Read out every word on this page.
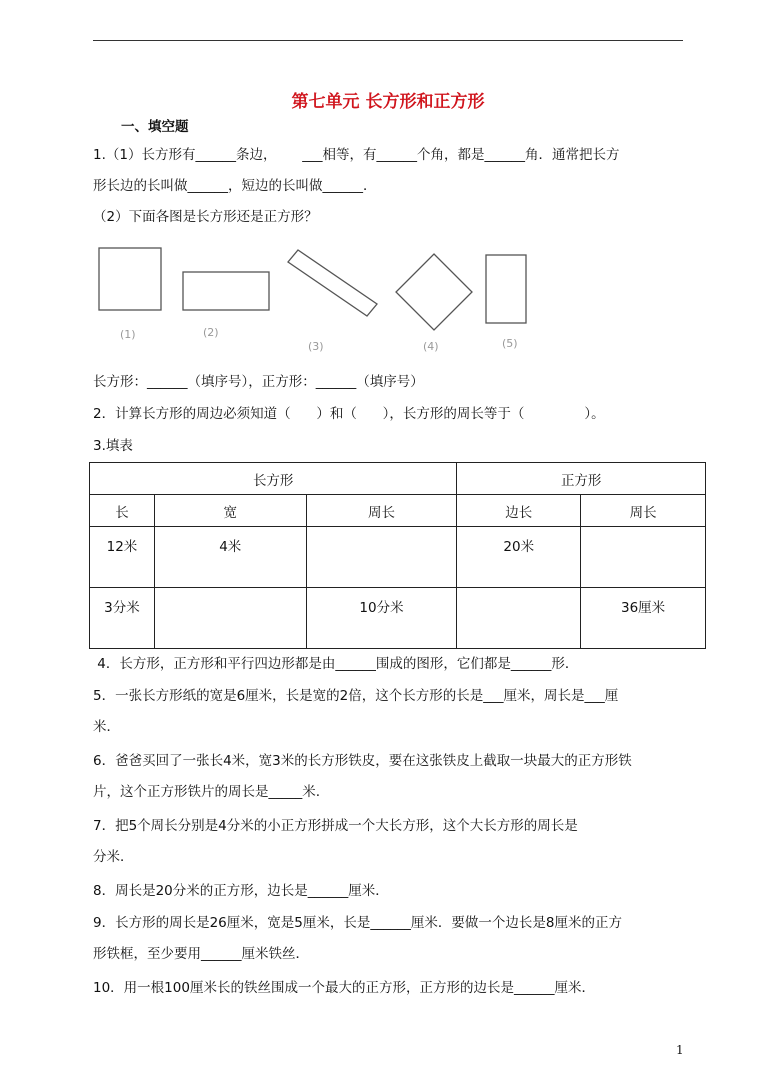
第七单元 长方形和正方形
一、填空题
1.（1）长方形有______条边，      ___相等，有______个角，都是______角．通常把长方
形长边的长叫做______，短边的长叫做______．
（2）下面各图是长方形还是正方形？
(1)	(2)
(3)	(4)	(5)
长方形：______（填序号），正方形：______（填序号）
2．计算长方形的周边必须知道（      ）和（      ），长方形的周长等于（              ）。
3.填表
长方形			正方形	
长	宽	周长	边长	周长
12米	4米		20米	
3分米		10分米		36厘米
4．长方形，正方形和平行四边形都是由______围成的图形，它们都是______形．
5．一张长方形纸的宽是6厘米，长是宽的2倍，这个长方形的长是___厘米，周长是___厘
米．
6．爸爸买回了一张长4米，宽3米的长方形铁皮，要在这张铁皮上截取一块最大的正方形铁
片，这个正方形铁片的周长是_____米.
7．把5个周长分别是4分米的小正方形拼成一个大长方形，这个大长方形的周长是
分米．
8．周长是20分米的正方形，边长是______厘米．
9．长方形的周长是26厘米，宽是5厘米，长是______厘米．要做一个边长是8厘米的正方
形铁框，至少要用______厘米铁丝．
10．用一根100厘米长的铁丝围成一个最大的正方形，正方形的边长是______厘米．
1
